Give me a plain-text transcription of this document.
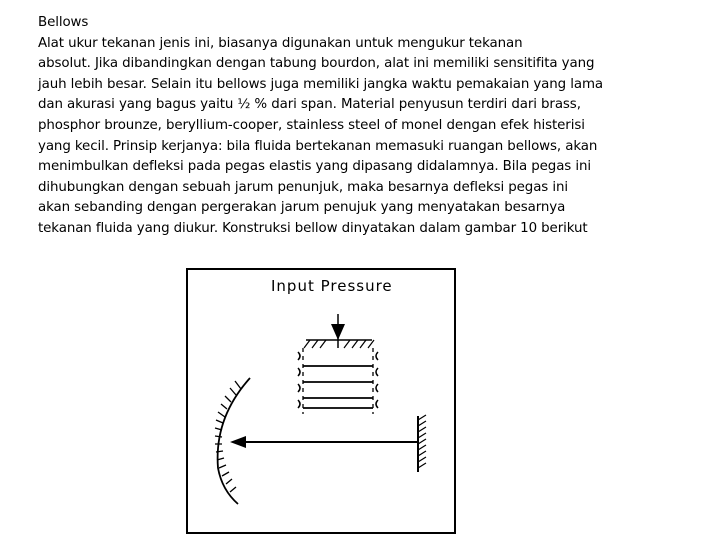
Bellows
Alat ukur tekanan jenis ini, biasanya digunakan untuk mengukur tekanan
absolut. Jika dibandingkan dengan tabung bourdon, alat ini memiliki sensitifita yang
jauh lebih besar. Selain itu bellows juga memiliki jangka waktu pemakaian yang lama
dan akurasi yang bagus yaitu ½ % dari span. Material penyusun terdiri dari brass,
phosphor brounze, beryllium-cooper, stainless steel of monel dengan efek histerisi
yang kecil. Prinsip kerjanya: bila fluida bertekanan memasuki ruangan bellows, akan
menimbulkan defleksi pada pegas elastis yang dipasang didalamnya. Bila pegas ini
dihubungkan dengan sebuah jarum penunjuk, maka besarnya defleksi pegas ini
akan sebanding dengan pergerakan jarum penujuk yang menyatakan besarnya
tekanan fluida yang diukur. Konstruksi bellow dinyatakan dalam gambar 10 berikut
Input Pressure
